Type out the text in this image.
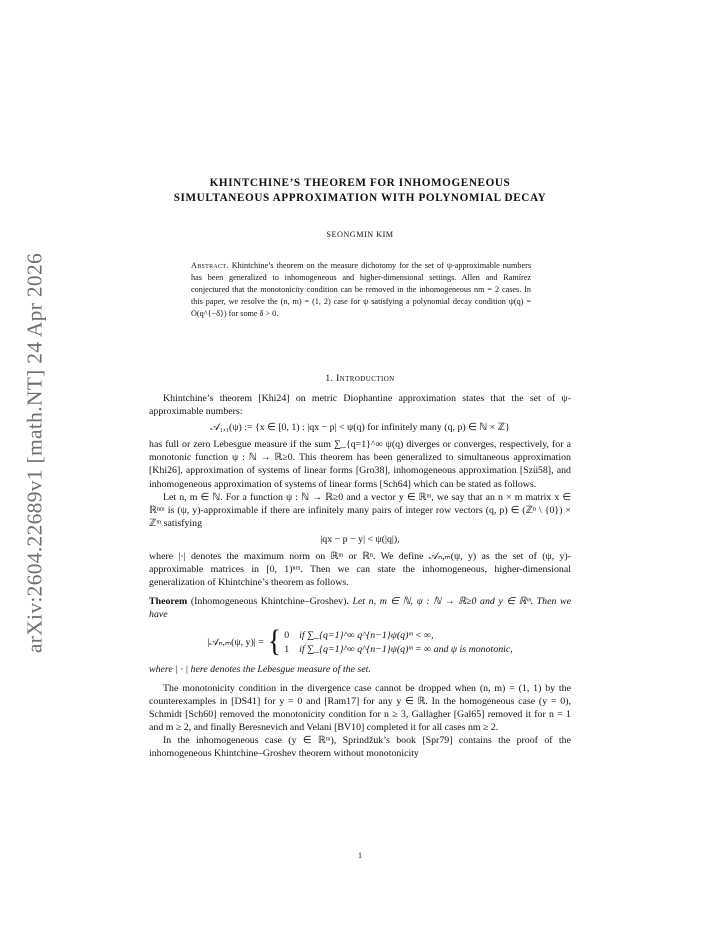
arXiv:2604.22689v1 [math.NT] 24 Apr 2026
KHINTCHINE’S THEOREM FOR INHOMOGENEOUS
SIMULTANEOUS APPROXIMATION WITH POLYNOMIAL DECAY
SEONGMIN KIM
Abstract. Khintchine’s theorem on the measure dichotomy for the set of ψ-approximable numbers has been generalized to inhomogeneous and higher-dimensional settings. Allen and Ramírez conjectured that the monotonicity condition can be removed in the inhomogeneous nm = 2 cases. In this paper, we resolve the (n, m) = (1, 2) case for ψ satisfying a polynomial decay condition ψ(q) = O(q^{−δ}) for some δ > 0.
1. Introduction

Khintchine’s theorem [Khi24] on metric Diophantine approximation states that the set of ψ-approximable numbers:

𝒜₁,₁(ψ) := {x ∈ [0, 1) : |qx − p| < ψ(q) for infinitely many (q, p) ∈ ℕ × ℤ}

has full or zero Lebesgue measure if the sum ∑_{q=1}^∞ ψ(q) diverges or converges, respectively, for a monotonic function ψ : ℕ → ℝ≥0. This theorem has been generalized to simultaneous approximation [Khi26], approximation of systems of linear forms [Gro38], inhomogeneous approximation [Szü58], and inhomogeneous approximation of systems of linear forms [Sch64] which can be stated as follows.

Let n, m ∈ ℕ. For a function ψ : ℕ → ℝ≥0 and a vector y ∈ ℝᵐ, we say that an n × m matrix x ∈ ℝⁿᵐ is (ψ, y)-approximable if there are infinitely many pairs of integer row vectors (q, p) ∈ (ℤⁿ \ {0}) × ℤᵐ satisfying

|qx − p − y| < ψ(|q|),

where |·| denotes the maximum norm on ℝᵐ or ℝⁿ. We define 𝒜ₙ,ₘ(ψ, y) as the set of (ψ, y)-approximable matrices in [0, 1)ⁿᵐ. Then we can state the inhomogeneous, higher-dimensional generalization of Khintchine’s theorem as follows.

Theorem (Inhomogeneous Khintchine–Groshev). Let n, m ∈ ℕ, ψ : ℕ → ℝ≥0 and y ∈ ℝᵐ. Then we have

|𝒜ₙ,ₘ(ψ, y)| = { 0 if ∑_{q=1}^∞ q^{n−1}ψ(q)ᵐ < ∞,
1 if ∑_{q=1}^∞ q^{n−1}ψ(q)ᵐ = ∞ and ψ is monotonic,

where | · | here denotes the Lebesgue measure of the set.

The monotonicity condition in the divergence case cannot be dropped when (n, m) = (1, 1) by the counterexamples in [DS41] for y = 0 and [Ram17] for any y ∈ ℝ. In the homogeneous case (y = 0), Schmidt [Sch60] removed the monotonicity condition for n ≥ 3, Gallagher [Gal65] removed it for n = 1 and m ≥ 2, and finally Beresnevich and Velani [BV10] completed it for all cases nm ≥ 2.

In the inhomogeneous case (y ∈ ℝᵐ), Sprindžuk’s book [Spr79] contains the proof of the inhomogeneous Khintchine–Groshev theorem without monotonicity

1
